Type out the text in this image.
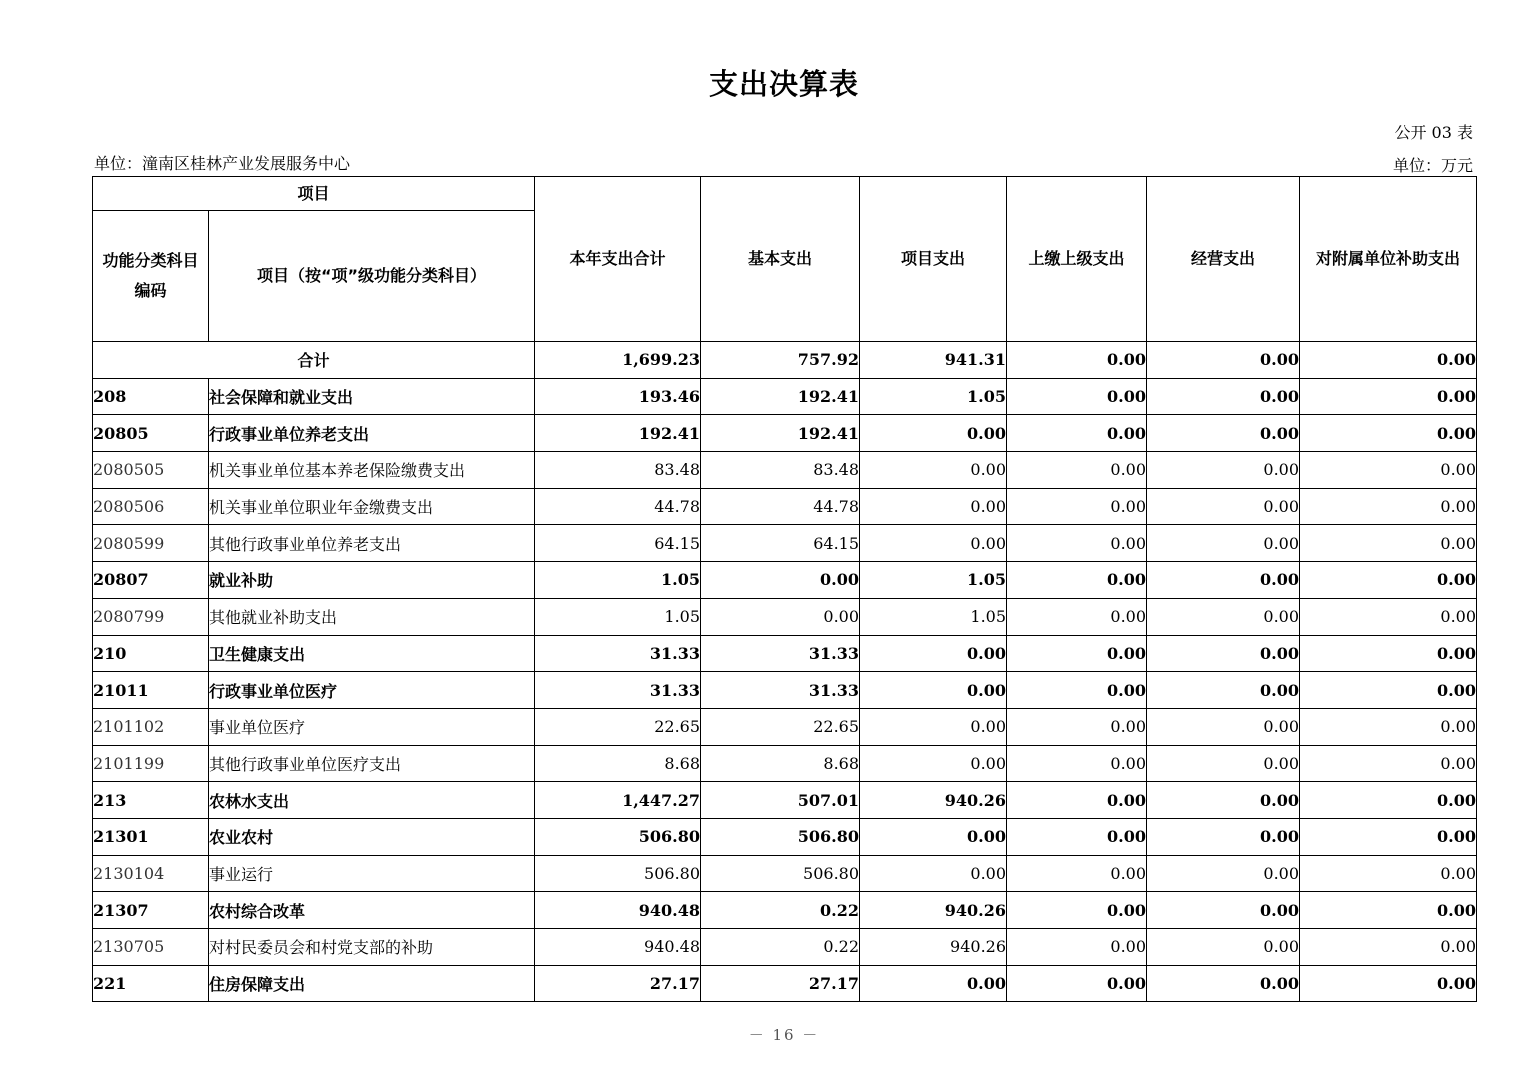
支出决算表
公开 03 表
单位：潼南区桂林产业发展服务中心	单位：万元
项目		本年支出合计	基本支出	项目支出	上缴上级支出	经营支出	对附属单位补助支出
功能分类科目编码	项目（按“项”级功能分类科目）						
合计		1,699.23	757.92	941.31	0.00	0.00	0.00
208	社会保障和就业支出	193.46	192.41	1.05	0.00	0.00	0.00
20805	行政事业单位养老支出	192.41	192.41	0.00	0.00	0.00	0.00
2080505	机关事业单位基本养老保险缴费支出	83.48	83.48	0.00	0.00	0.00	0.00
2080506	机关事业单位职业年金缴费支出	44.78	44.78	0.00	0.00	0.00	0.00
2080599	其他行政事业单位养老支出	64.15	64.15	0.00	0.00	0.00	0.00
20807	就业补助	1.05	0.00	1.05	0.00	0.00	0.00
2080799	其他就业补助支出	1.05	0.00	1.05	0.00	0.00	0.00
210	卫生健康支出	31.33	31.33	0.00	0.00	0.00	0.00
21011	行政事业单位医疗	31.33	31.33	0.00	0.00	0.00	0.00
2101102	事业单位医疗	22.65	22.65	0.00	0.00	0.00	0.00
2101199	其他行政事业单位医疗支出	8.68	8.68	0.00	0.00	0.00	0.00
213	农林水支出	1,447.27	507.01	940.26	0.00	0.00	0.00
21301	农业农村	506.80	506.80	0.00	0.00	0.00	0.00
2130104	事业运行	506.80	506.80	0.00	0.00	0.00	0.00
21307	农村综合改革	940.48	0.22	940.26	0.00	0.00	0.00
2130705	对村民委员会和村党支部的补助	940.48	0.22	940.26	0.00	0.00	0.00
221	住房保障支出	27.17	27.17	0.00	0.00	0.00	0.00
－ 16 －
